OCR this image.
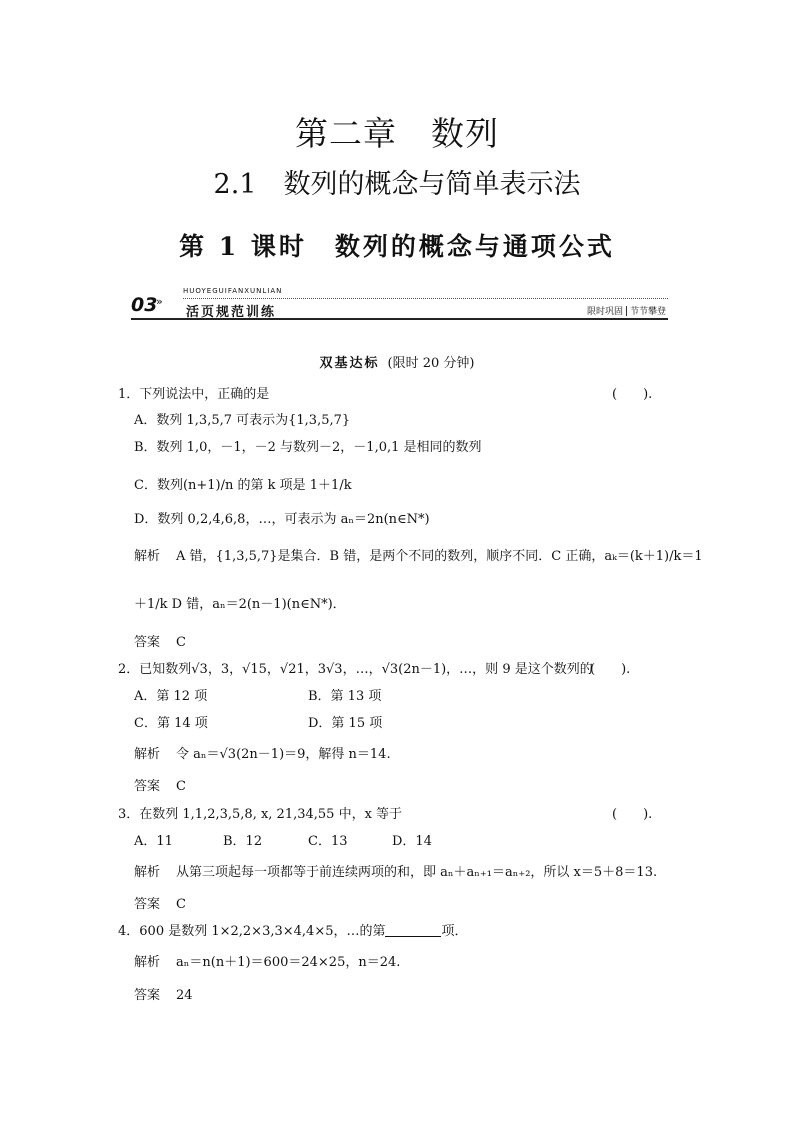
第二章　数列
2.1　数列的概念与简单表示法
第 1 课时　数列的概念与通项公式
03
»
HUOYEGUIFANXUNLIAN
活页规范训练	限时巩固 节节攀登
双基达标 (限时 20 分钟)
1．下列说法中，正确的是	(　　).
A．数列 1,3,5,7 可表示为{1,3,5,7}
B．数列 1,0，－1，－2 与数列－2，－1,0,1 是相同的数列
C．数列(n+1)/n 的第 k 项是 1＋1/k
D．数列 0,2,4,6,8，…，可表示为 aₙ＝2n(n∈N*)
解析 A 错，{1,3,5,7}是集合．B 错，是两个不同的数列，顺序不同．C 正确，aₖ＝(k＋1)/k＝1
＋1/k D 错，aₙ＝2(n－1)(n∈N*)．
答案 C
2．已知数列√3，3，√15，√21，3√3，…，√3(2n－1)，…，则 9 是这个数列的
(　　).
A．第 12 项	B．第 13 项
C．第 14 项	D．第 15 项
解析 令 aₙ＝√3(2n－1)＝9，解得 n＝14.
答案 C
3．在数列 1,1,2,3,5,8, x, 21,34,55 中，x 等于	(　　).
A．11	B．12	C．13	D．14
解析 从第三项起每一项都等于前连续两项的和，即 aₙ＋aₙ₊₁＝aₙ₊₂，所以 x＝5＋8＝13.
答案 C
4．600 是数列 1×2,2×3,3×4,4×5，…的第	项．
解析 aₙ＝n(n＋1)＝600＝24×25，n＝24.
答案 24
